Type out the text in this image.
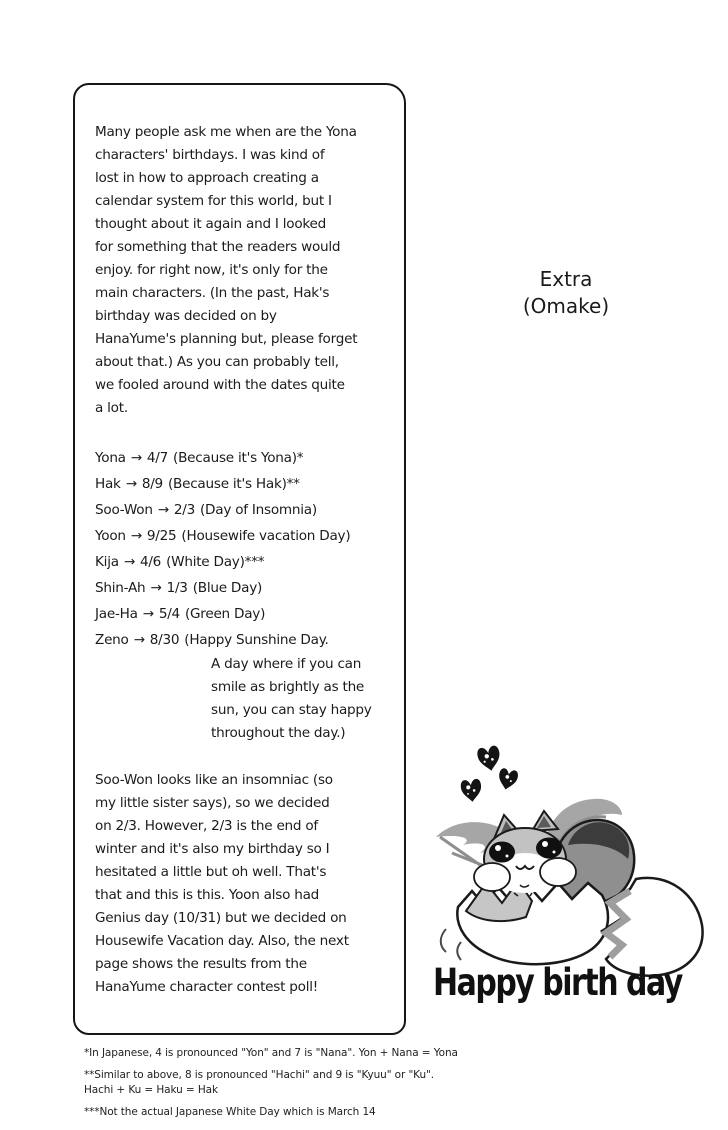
Many people ask me when are the Yona
characters' birthdays. I was kind of
lost in how to approach creating a
calendar system for this world, but I
thought about it again and I looked
for something that the readers would
enjoy. for right now, it's only for the
main characters. (In the past, Hak's
birthday was decided on by
HanaYume's planning but, please forget
about that.) As you can probably tell,
we fooled around with the dates quite
a lot.
Yona → 4/7 (Because it's Yona)*
Hak → 8/9 (Because it's Hak)**
Soo-Won → 2/3 (Day of Insomnia)
Yoon → 9/25 (Housewife vacation Day)
Kija → 4/6 (White Day)***
Shin-Ah → 1/3 (Blue Day)
Jae-Ha → 5/4 (Green Day)
Zeno → 8/30 (Happy Sunshine Day.
A day where if you can
smile as brightly as the
sun, you can stay happy
throughout the day.)
Soo-Won looks like an insomniac (so
my little sister says), so we decided
on 2/3. However, 2/3 is the end of
winter and it's also my birthday so I
hesitated a little but oh well. That's
that and this is this. Yoon also had
Genius day (10/31) but we decided on
Housewife Vacation day. Also, the next
page shows the results from the
HanaYume character contest poll!
Extra
(Omake)
Happy birth day
*In Japanese, 4 is pronounced "Yon" and 7 is "Nana". Yon + Nana = Yona
**Similar to above, 8 is pronounced "Hachi" and 9 is "Kyuu" or "Ku".
Hachi + Ku = Haku = Hak
***Not the actual Japanese White Day which is March 14
